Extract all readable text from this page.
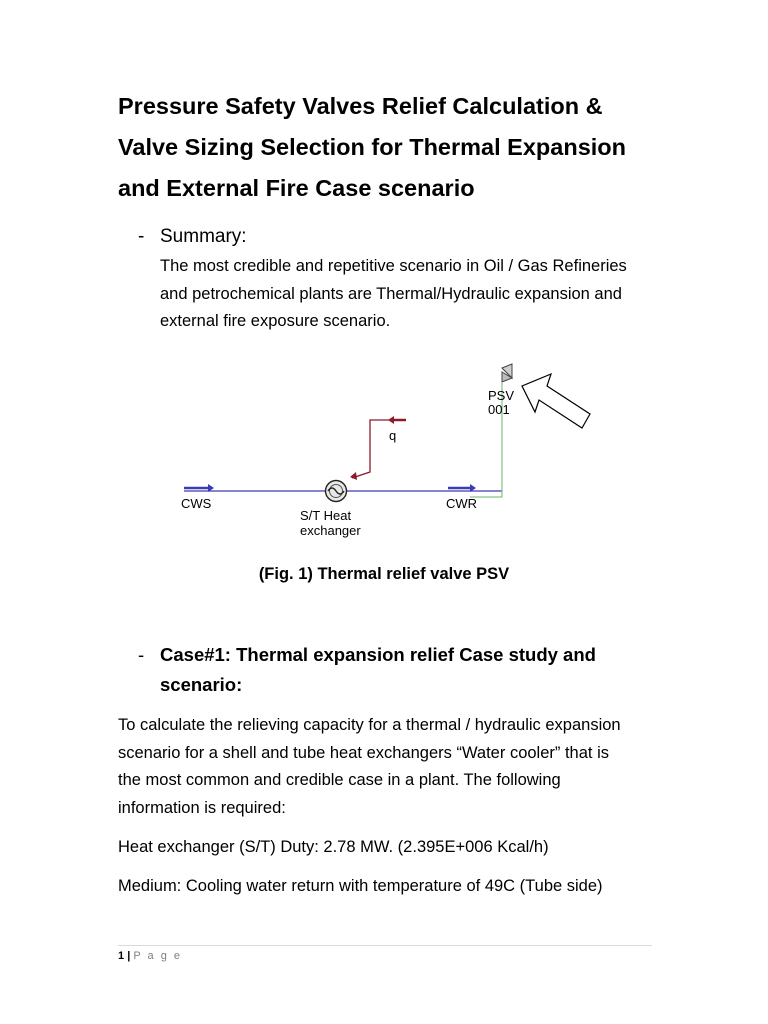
Pressure Safety Valves Relief Calculation &
Valve Sizing Selection for Thermal Expansion
and External Fire Case scenario
- Summary:
The most credible and repetitive scenario in Oil / Gas Refineries
and petrochemical plants are Thermal/Hydraulic expansion and
external fire exposure scenario.
CWS	CWR
S/T Heat
exchanger
q
PSV
001
(Fig. 1) Thermal relief valve PSV
- Case#1: Thermal expansion relief Case study and
scenario:
To calculate the relieving capacity for a thermal / hydraulic expansion
scenario for a shell and tube heat exchangers “Water cooler” that is
the most common and credible case in a plant. The following
information is required:
Heat exchanger (S/T) Duty: 2.78 MW. (2.395E+006 Kcal/h)
Medium: Cooling water return with temperature of 49C (Tube side)
1 | P a g e
